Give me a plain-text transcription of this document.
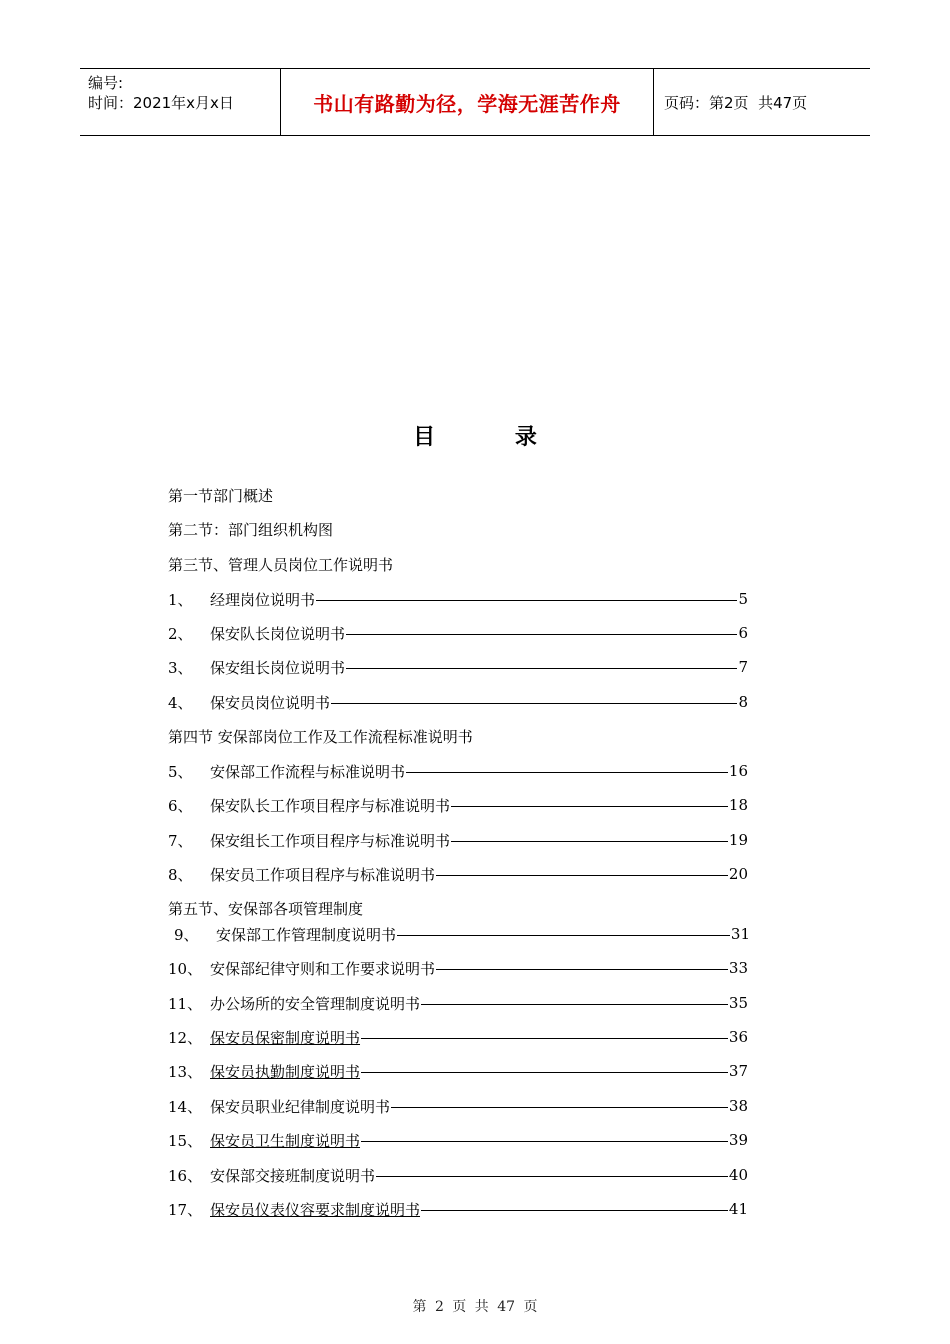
编号:
时间：2021年x月x日	书山有路勤为径，学海无涯苦作舟	页码：第2页  共47页
目 录
第一节部门概述
第二节：部门组织机构图
第三节、管理人员岗位工作说明书
1、	经理岗位说明书	5
2、	保安队长岗位说明书	6
3、	保安组长岗位说明书	7
4、	保安员岗位说明书	8
第四节 安保部岗位工作及工作流程标准说明书
5、	安保部工作流程与标准说明书	16
6、	保安队长工作项目程序与标准说明书	18
7、	保安组长工作项目程序与标准说明书	19
8、	保安员工作项目程序与标准说明书	20
第五节、安保部各项管理制度
9、	安保部工作管理制度说明书	31
10、 安保部纪律守则和工作要求说明书	33
11、 办公场所的安全管理制度说明书	35
12、 保安员保密制度说明书	36
13、 保安员执勤制度说明书	37
14、 保安员职业纪律制度说明书	38
15、 保安员卫生制度说明书	39
16、 安保部交接班制度说明书	40
17、 保安员仪表仪容要求制度说明书	41
第 2 页 共 47 页
